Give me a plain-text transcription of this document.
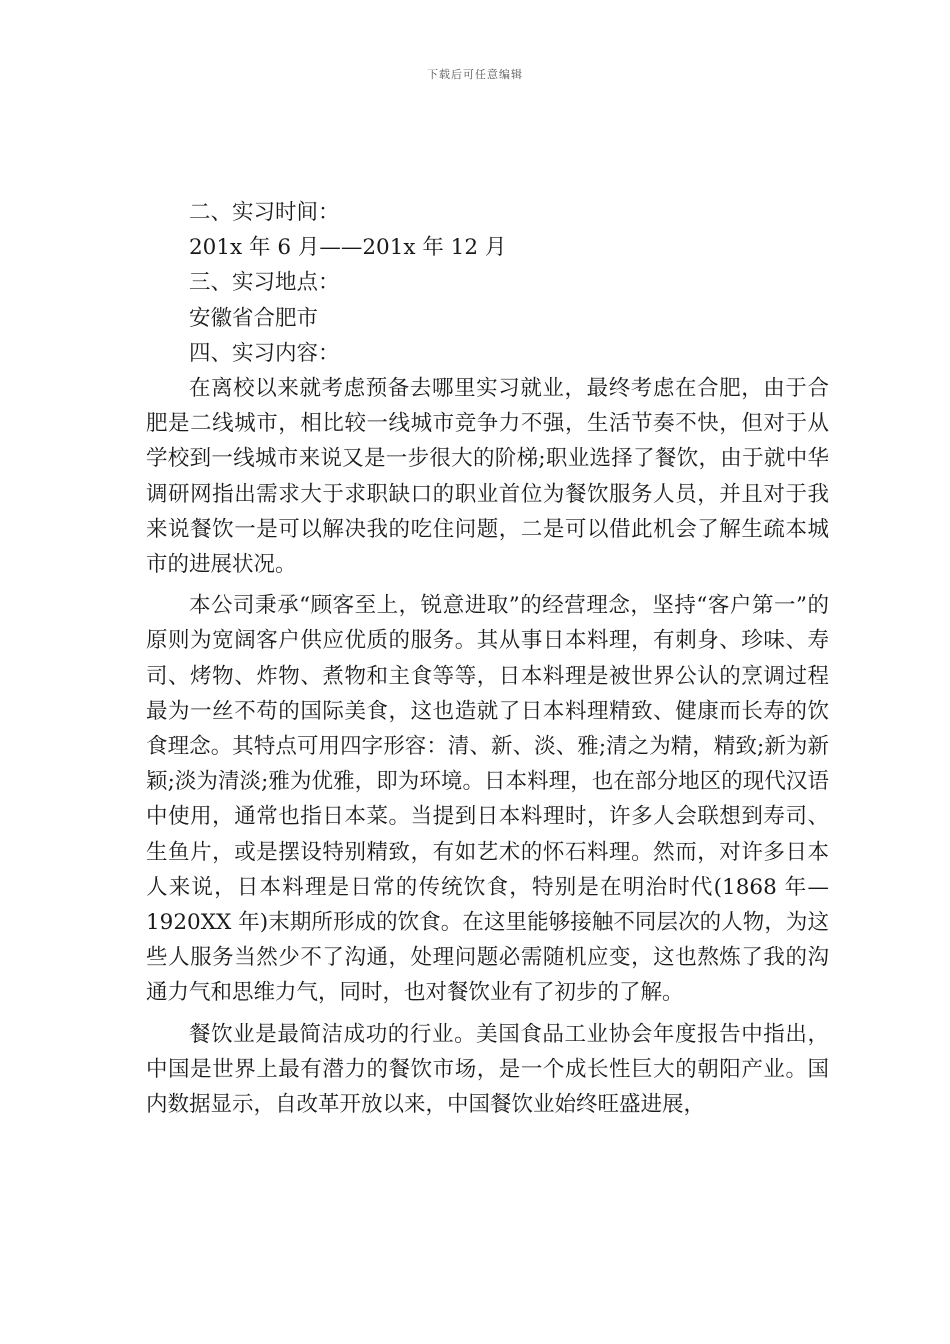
下载后可任意编辑

二、实习时间：

201x 年 6 月——201x 年 12 月

三、实习地点：

安徽省合肥市

四、实习内容：

在离校以来就考虑预备去哪里实习就业，最终考虑在合肥，由于合肥是二线城市，相比较一线城市竞争力不强，生活节奏不快，但对于从学校到一线城市来说又是一步很大的阶梯;职业选择了餐饮，由于就中华调研网指出需求大于求职缺口的职业首位为餐饮服务人员，并且对于我来说餐饮一是可以解决我的吃住问题，二是可以借此机会了解生疏本城市的进展状况。

本公司秉承“顾客至上，锐意进取”的经营理念，坚持“客户第一”的原则为宽阔客户供应优质的服务。其从事日本料理，有刺身、珍味、寿司、烤物、炸物、煮物和主食等等，日本料理是被世界公认的烹调过程最为一丝不苟的国际美食，这也造就了日本料理精致、健康而长寿的饮食理念。其特点可用四字形容：清、新、淡、雅;清之为精，精致;新为新颖;淡为清淡;雅为优雅，即为环境。日本料理，也在部分地区的现代汉语中使用，通常也指日本菜。当提到日本料理时，许多人会联想到寿司、生鱼片，或是摆设特别精致，有如艺术的怀石料理。然而，对许多日本人来说，日本料理是日常的传统饮食，特别是在明治时代(1868 年—1920XX 年)末期所形成的饮食。在这里能够接触不同层次的人物，为这些人服务当然少不了沟通，处理问题必需随机应变，这也熬炼了我的沟通力气和思维力气，同时，也对餐饮业有了初步的了解。

餐饮业是最简洁成功的行业。美国食品工业协会年度报告中指出，中国是世界上最有潜力的餐饮市场，是一个成长性巨大的朝阳产业。国内数据显示，自改革开放以来，中国餐饮业始终旺盛进展，
